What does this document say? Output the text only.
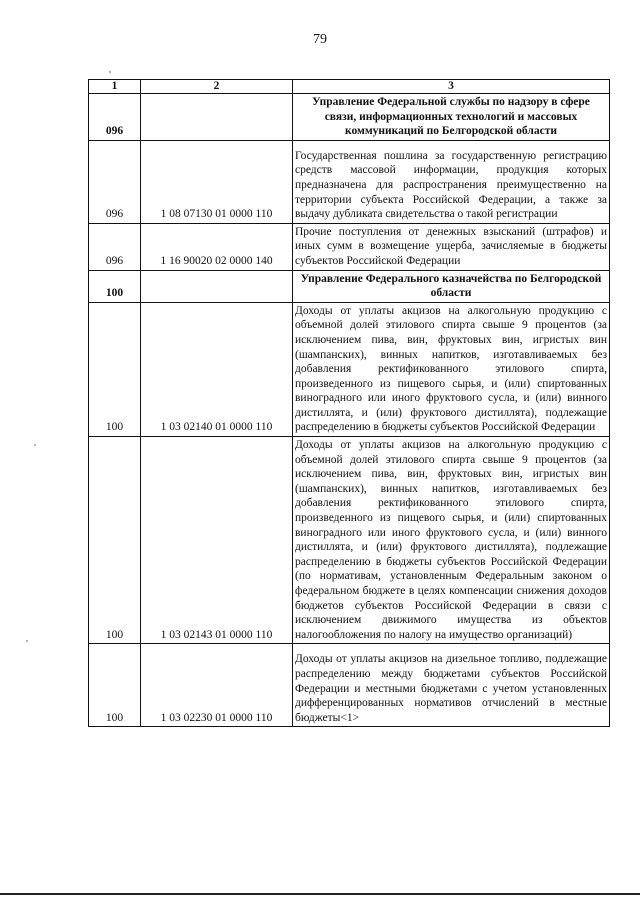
79
1	2	3
096		Управление Федеральной службы по надзору в сфере связи, информационных технологий и массовых коммуникаций по Белгородской области
096	1 08 07130 01 0000 110	Государственная пошлина за государственную регистрацию средств массовой информации, продукция которых предназначена для распространения преимущественно на территории субъекта Российской Федерации, а также за выдачу дубликата свидетельства о такой регистрации
096	1 16 90020 02 0000 140	Прочие поступления от денежных взысканий (штрафов) и иных сумм в возмещение ущерба, зачисляемые в бюджеты субъектов Российской Федерации
100		Управление Федерального казначейства по Белгородской области
100	1 03 02140 01 0000 110	Доходы от уплаты акцизов на алкогольную продукцию с объемной долей этилового спирта свыше 9 процентов (за исключением пива, вин, фруктовых вин, игристых вин (шампанских), винных напитков, изготавливаемых без добавления ректификованного этилового спирта, произведенного из пищевого сырья, и (или) спиртованных виноградного или иного фруктового сусла, и (или) винного дистиллята, и (или) фруктового дистиллята), подлежащие распределению в бюджеты субъектов Российской Федерации
100	1 03 02143 01 0000 110	Доходы от уплаты акцизов на алкогольную продукцию с объемной долей этилового спирта свыше 9 процентов (за исключением пива, вин, фруктовых вин, игристых вин (шампанских), винных напитков, изготавливаемых без добавления ректификованного этилового спирта, произведенного из пищевого сырья, и (или) спиртованных виноградного или иного фруктового сусла, и (или) винного дистиллята, и (или) фруктового дистиллята), подлежащие распределению в бюджеты субъектов Российской Федерации (по нормативам, установленным Федеральным законом о федеральном бюджете в целях компенсации снижения доходов бюджетов субъектов Российской Федерации в связи с исключением движимого имущества из объектов налогообложения по налогу на имущество организаций)
100	1 03 02230 01 0000 110	Доходы от уплаты акцизов на дизельное топливо, подлежащие распределению между бюджетами субъектов Российской Федерации и местными бюджетами с учетом установленных дифференцированных нормативов отчислений в местные бюджеты<1>
